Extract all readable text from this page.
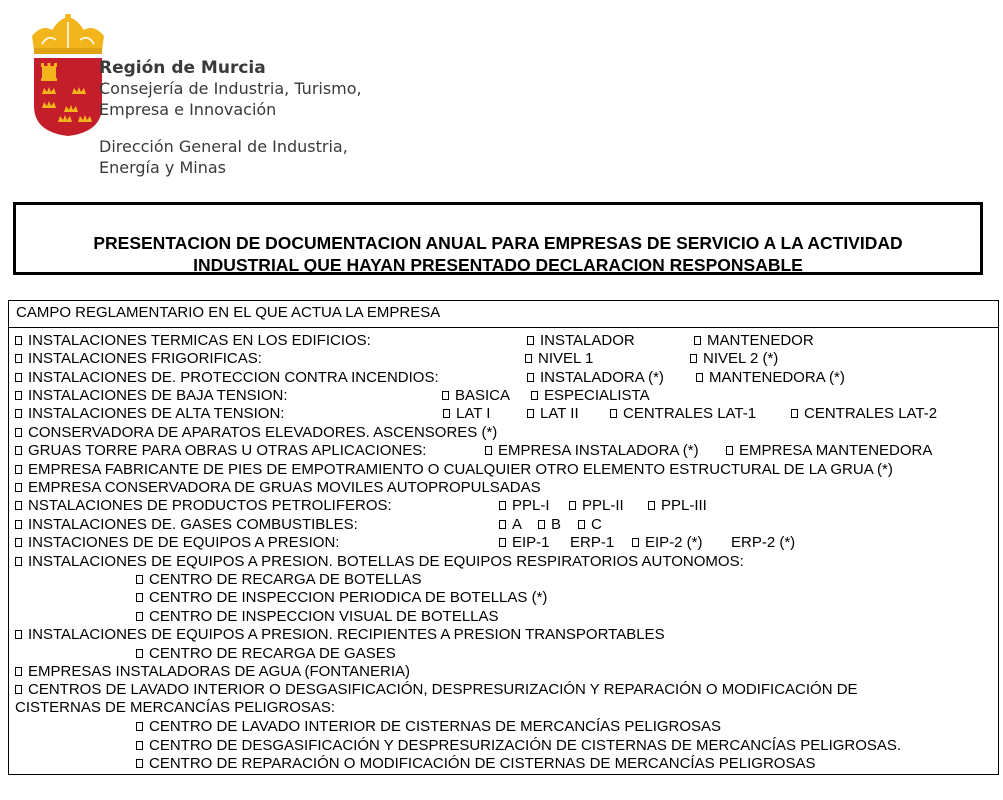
Región de Murcia
Consejería de Industria, Turismo,
Empresa e Innovación
Dirección General de Industria,
Energía y Minas
PRESENTACION DE DOCUMENTACION ANUAL PARA EMPRESAS DE SERVICIO A LA ACTIVIDAD
INDUSTRIAL QUE HAYAN PRESENTADO DECLARACION RESPONSABLE
CAMPO REGLAMENTARIO EN EL QUE ACTUA LA EMPRESA
INSTALACIONES TERMICAS EN LOS EDIFICIOS:	INSTALADOR	MANTENEDOR
INSTALACIONES FRIGORIFICAS:	NIVEL 1	NIVEL 2 (*)
INSTALACIONES DE. PROTECCION CONTRA INCENDIOS:	INSTALADORA (*)	MANTENEDORA (*)
INSTALACIONES DE BAJA TENSION:	BASICA	ESPECIALISTA
INSTALACIONES DE ALTA TENSION:	LAT I	LAT II	CENTRALES LAT-1	CENTRALES LAT-2
CONSERVADORA DE APARATOS ELEVADORES. ASCENSORES (*)
GRUAS TORRE PARA OBRAS U OTRAS APLICACIONES:	EMPRESA INSTALADORA (*)	EMPRESA MANTENEDORA
EMPRESA FABRICANTE DE PIES DE EMPOTRAMIENTO O CUALQUIER OTRO ELEMENTO ESTRUCTURAL DE LA GRUA (*)
EMPRESA CONSERVADORA DE GRUAS MOVILES AUTOPROPULSADAS
NSTALACIONES DE PRODUCTOS PETROLIFEROS:	PPL-I	PPL-II	PPL-III
INSTALACIONES DE. GASES COMBUSTIBLES:	A	B	C
INSTACIONES DE DE EQUIPOS A PRESION:	EIP-1 ERP-1	EIP-2 (*) ERP-2 (*)
INSTALACIONES DE EQUIPOS A PRESION. BOTELLAS DE EQUIPOS RESPIRATORIOS AUTONOMOS:
CENTRO DE RECARGA DE BOTELLAS
CENTRO DE INSPECCION PERIODICA DE BOTELLAS (*)
CENTRO DE INSPECCION VISUAL DE BOTELLAS
INSTALACIONES DE EQUIPOS A PRESION. RECIPIENTES A PRESION TRANSPORTABLES
CENTRO DE RECARGA DE GASES
EMPRESAS INSTALADORAS DE AGUA (FONTANERIA)
CENTROS DE LAVADO INTERIOR O DESGASIFICACIÓN, DESPRESURIZACIÓN Y REPARACIÓN O MODIFICACIÓN DE
CISTERNAS DE MERCANCÍAS PELIGROSAS:
CENTRO DE LAVADO INTERIOR DE CISTERNAS DE MERCANCÍAS PELIGROSAS
CENTRO DE DESGASIFICACIÓN Y DESPRESURIZACIÓN DE CISTERNAS DE MERCANCÍAS PELIGROSAS.
CENTRO DE REPARACIÓN O MODIFICACIÓN DE CISTERNAS DE MERCANCÍAS PELIGROSAS
